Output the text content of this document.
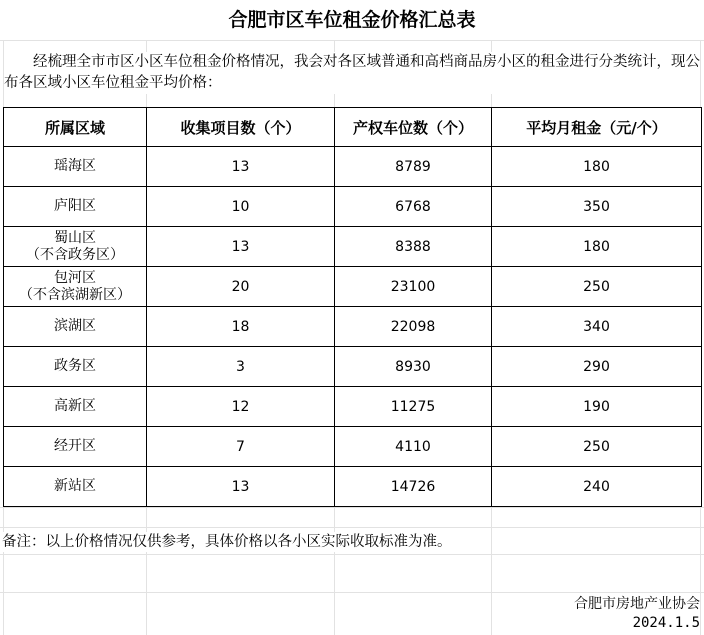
合肥市区车位租金价格汇总表
经梳理全市市区小区车位租金价格情况，我会对各区域普通和高档商品房小区的租金进行分类统计，现公布各区域小区车位租金平均价格：
所属区域	收集项目数（个）	产权车位数（个）	平均月租金（元/个）

瑶海区	13	8789	180

庐阳区	10	6768	350

蜀山区
（不含政务区）	13	8388	180

包河区
（不含滨湖新区）	20	23100	250

滨湖区	18	22098	340

政务区	3	8930	290

高新区	12	11275	190

经开区	7	4110	250

新站区	13	14726	240
备注：以上价格情况仅供参考，具体价格以各小区实际收取标准为准。
合肥市房地产业协会
2024.1.5
